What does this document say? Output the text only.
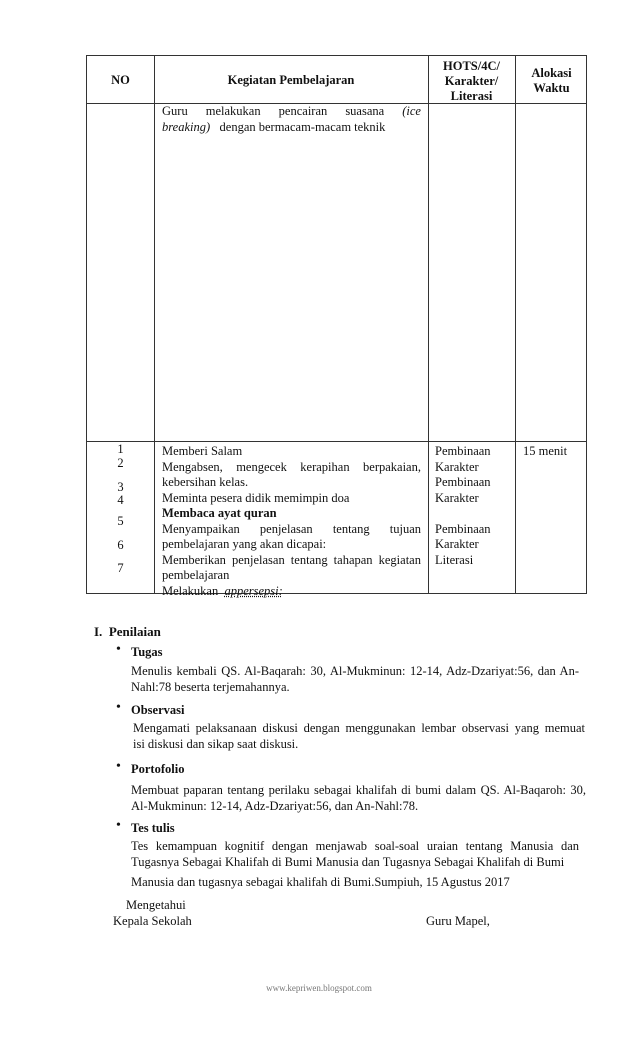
NO	Kegiatan Pembelajaran
HOTS/4C/
Karakter/
Literasi
Alokasi
Waktu
Guru melakukan pencairan suasana (ice
breaking) dengan bermacam-macam teknik
1
2
3
4
5
6
7
Memberi Salam
Mengabsen, mengecek kerapihan berpakaian,
kebersihan kelas.
Meminta pesera didik memimpin doa
Membaca ayat quran
Menyampaikan penjelasan tentang tujuan
pembelajaran yang akan dicapai:
Memberikan penjelasan tentang tahapan kegiatan
pembelajaran
Melakukan appersepsi:
Pembinaan
Karakter
Pembinaan
Karakter
Pembinaan
Karakter
Literasi
15 menit
I. Penilaian
• Tugas
Menulis kembali QS. Al-Baqarah: 30, Al-Mukminun: 12-14, Adz-Dzariyat:56, dan An-
Nahl:78 beserta terjemahannya.
• Observasi
Mengamati pelaksanaan diskusi dengan menggunakan lembar observasi yang memuat
isi diskusi dan sikap saat diskusi.
• Portofolio
Membuat paparan tentang perilaku sebagai khalifah di bumi dalam QS. Al-Baqaroh: 30,
Al-Mukminun: 12-14, Adz-Dzariyat:56, dan An-Nahl:78.
• Tes tulis
Tes kemampuan kognitif dengan menjawab soal-soal uraian tentang Manusia dan
Tugasnya Sebagai Khalifah di Bumi Manusia dan Tugasnya Sebagai Khalifah di Bumi
Manusia dan tugasnya sebagai khalifah di Bumi.Sumpiuh, 15 Agustus 2017
Mengetahui
Kepala Sekolah	Guru Mapel,
www.kepriwen.blogspot.com
